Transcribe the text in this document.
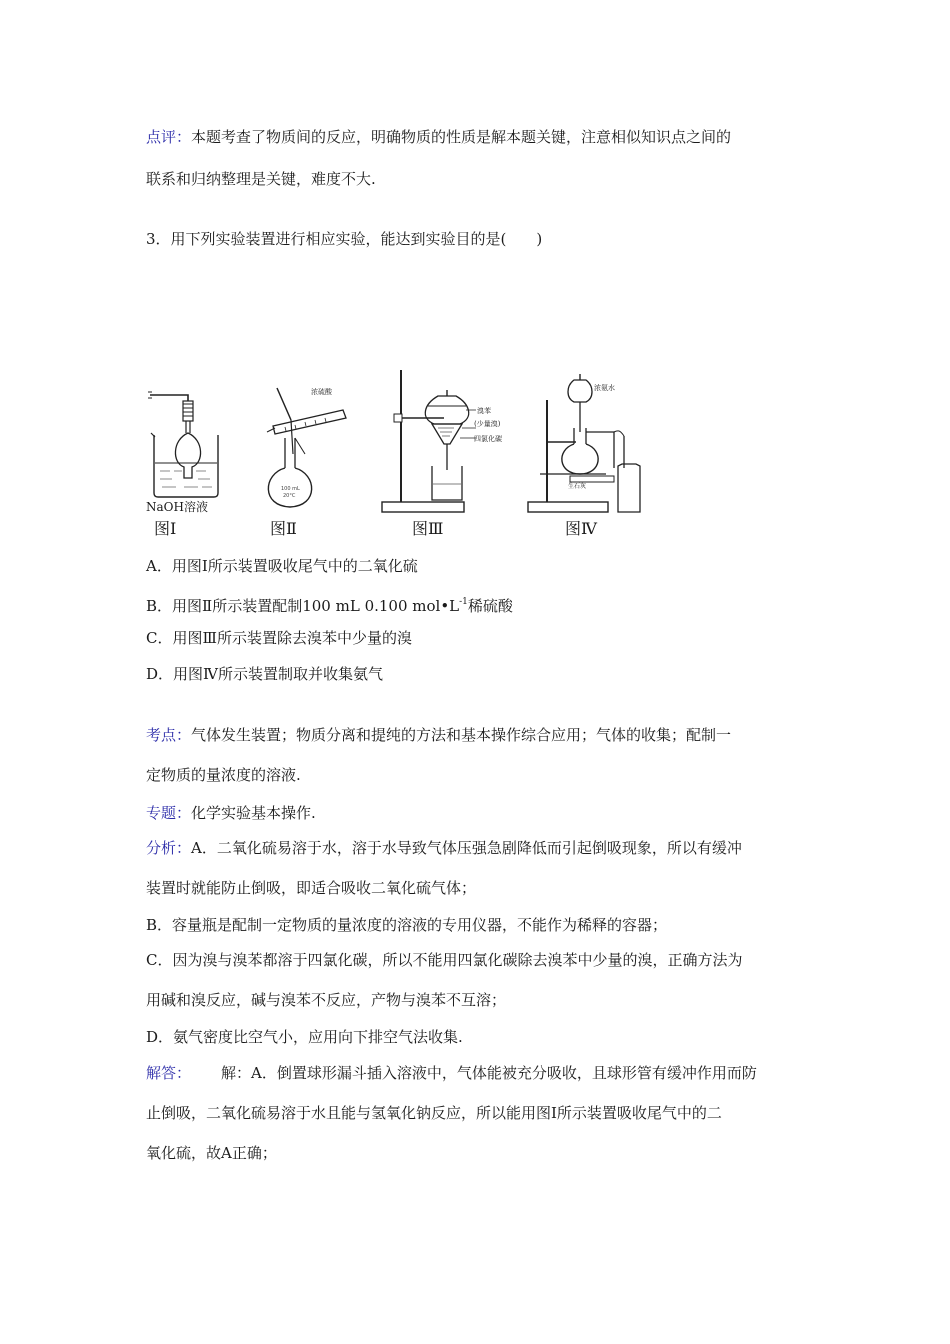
点评：本题考查了物质间的反应，明确物质的性质是解本题关键，注意相似知识点之间的
联系和归纳整理是关键，难度不大.
3．用下列实验装置进行相应实验，能达到实验目的是(　　)
NaOH溶液
图Ⅰ
100 mL
20°C
浓硫酸
图Ⅱ
溴苯
(少量溴)
四氯化碳
图Ⅲ
浓氨水
生石灰
图Ⅳ
A．用图Ⅰ所示装置吸收尾气中的二氧化硫
B．用图Ⅱ所示装置配制100 mL 0.100 $mol•L^{-1}$稀硫酸
C．用图Ⅲ所示装置除去溴苯中少量的溴
D．用图Ⅳ所示装置制取并收集氨气
考点：气体发生装置；物质分离和提纯的方法和基本操作综合应用；气体的收集；配制一
定物质的量浓度的溶液.
专题：化学实验基本操作.
分析：A．二氧化硫易溶于水，溶于水导致气体压强急剧降低而引起倒吸现象，所以有缓冲
装置时就能防止倒吸，即适合吸收二氧化硫气体；
B．容量瓶是配制一定物质的量浓度的溶液的专用仪器，不能作为稀释的容器；
C．因为溴与溴苯都溶于四氯化碳，所以不能用四氯化碳除去溴苯中少量的溴，正确方法为
用碱和溴反应，碱与溴苯不反应，产物与溴苯不互溶；
D．氨气密度比空气小，应用向下排空气法收集.
解答： 解：A．倒置球形漏斗插入溶液中，气体能被充分吸收，且球形管有缓冲作用而防
止倒吸，二氧化硫易溶于水且能与氢氧化钠反应，所以能用图Ⅰ所示装置吸收尾气中的二
氧化硫，故A正确；
